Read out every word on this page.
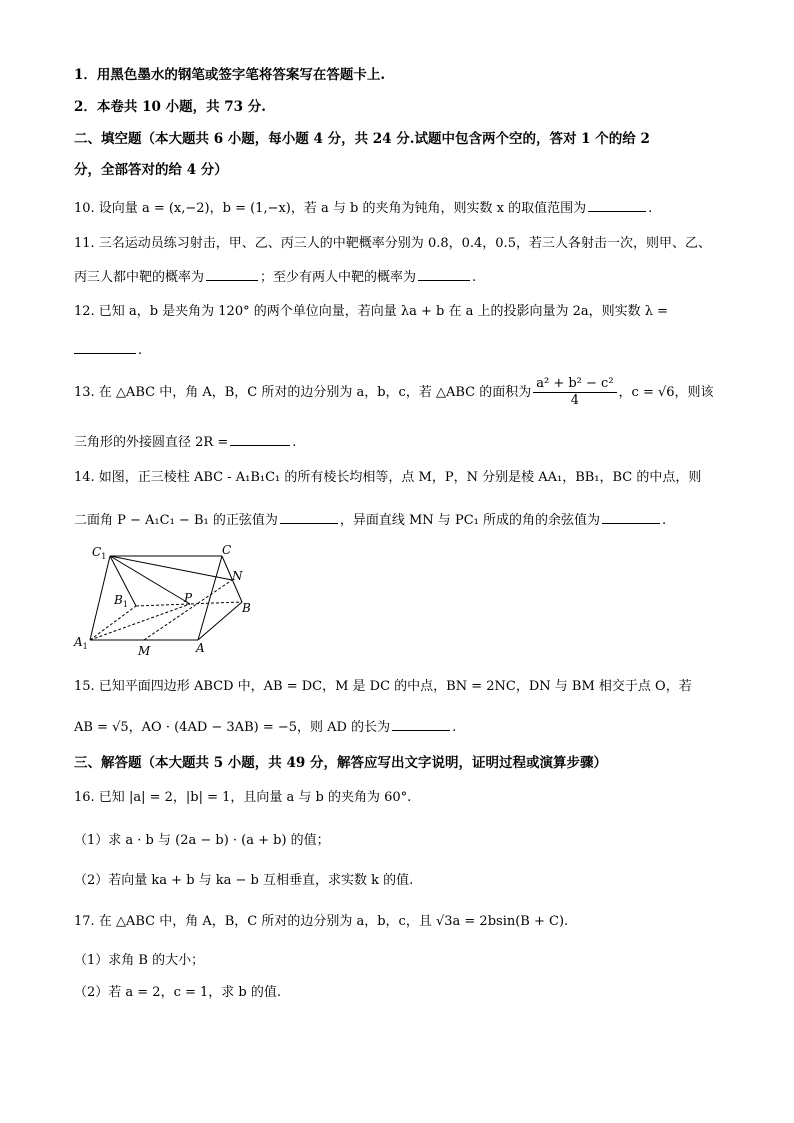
1．用黑色墨水的钢笔或签字笔将答案写在答题卡上.
2．本卷共 10 小题，共 73 分.
二、填空题（本大题共 6 小题，每小题 4 分，共 24 分.试题中包含两个空的，答对 1 个的给 2
分，全部答对的给 4 分）
10. 设向量 a = (x,−2)，b = (1,−x)，若 a 与 b 的夹角为钝角，则实数 x 的取值范围为	.
11. 三名运动员练习射击，甲、乙、丙三人的中靶概率分别为 0.8，0.4，0.5，若三人各射击一次，则甲、乙、
丙三人都中靶的概率为	；至少有两人中靶的概率为	.
12. 已知 a，b 是夹角为 120° 的两个单位向量，若向量 λa + b 在 a 上的投影向量为 2a，则实数 λ =
.
13. 在 △ABC 中，角 A，B，C 所对的边分别为 a，b，c，若 △ABC 的面积为 $\frac{\text{a² + b² − c²}}{4}$ ，c = √6，则该
三角形的外接圆直径 2R =	.
14. 如图，正三棱柱 ABC - A₁B₁C₁ 的所有棱长均相等，点 M，P，N 分别是棱 AA₁，BB₁，BC 的中点，则
二面角 P − A₁C₁ − B₁ 的正弦值为	，异面直线 MN 与 PC₁ 所成的角的余弦值为	.
$C_1$	C
N
$B_1$	P
B
$A_1$	M	A
15. 已知平面四边形 ABCD 中，AB = DC，M 是 DC 的中点，BN = 2NC，DN 与 BM 相交于点 O，若
AB = √5，AO · (4AD − 3AB) = −5，则 AD 的长为	.
三、解答题（本大题共 5 小题，共 49 分，解答应写出文字说明，证明过程或演算步骤）
16. 已知 |a| = 2，|b| = 1，且向量 a 与 b 的夹角为 60°.
（1）求 a · b 与 (2a − b) · (a + b) 的值；
（2）若向量 ka + b 与 ka − b 互相垂直，求实数 k 的值.
17. 在 △ABC 中，角 A，B，C 所对的边分别为 a，b，c，且 √3a = 2bsin(B + C).
（1）求角 B 的大小；
（2）若 a = 2，c = 1，求 b 的值.
